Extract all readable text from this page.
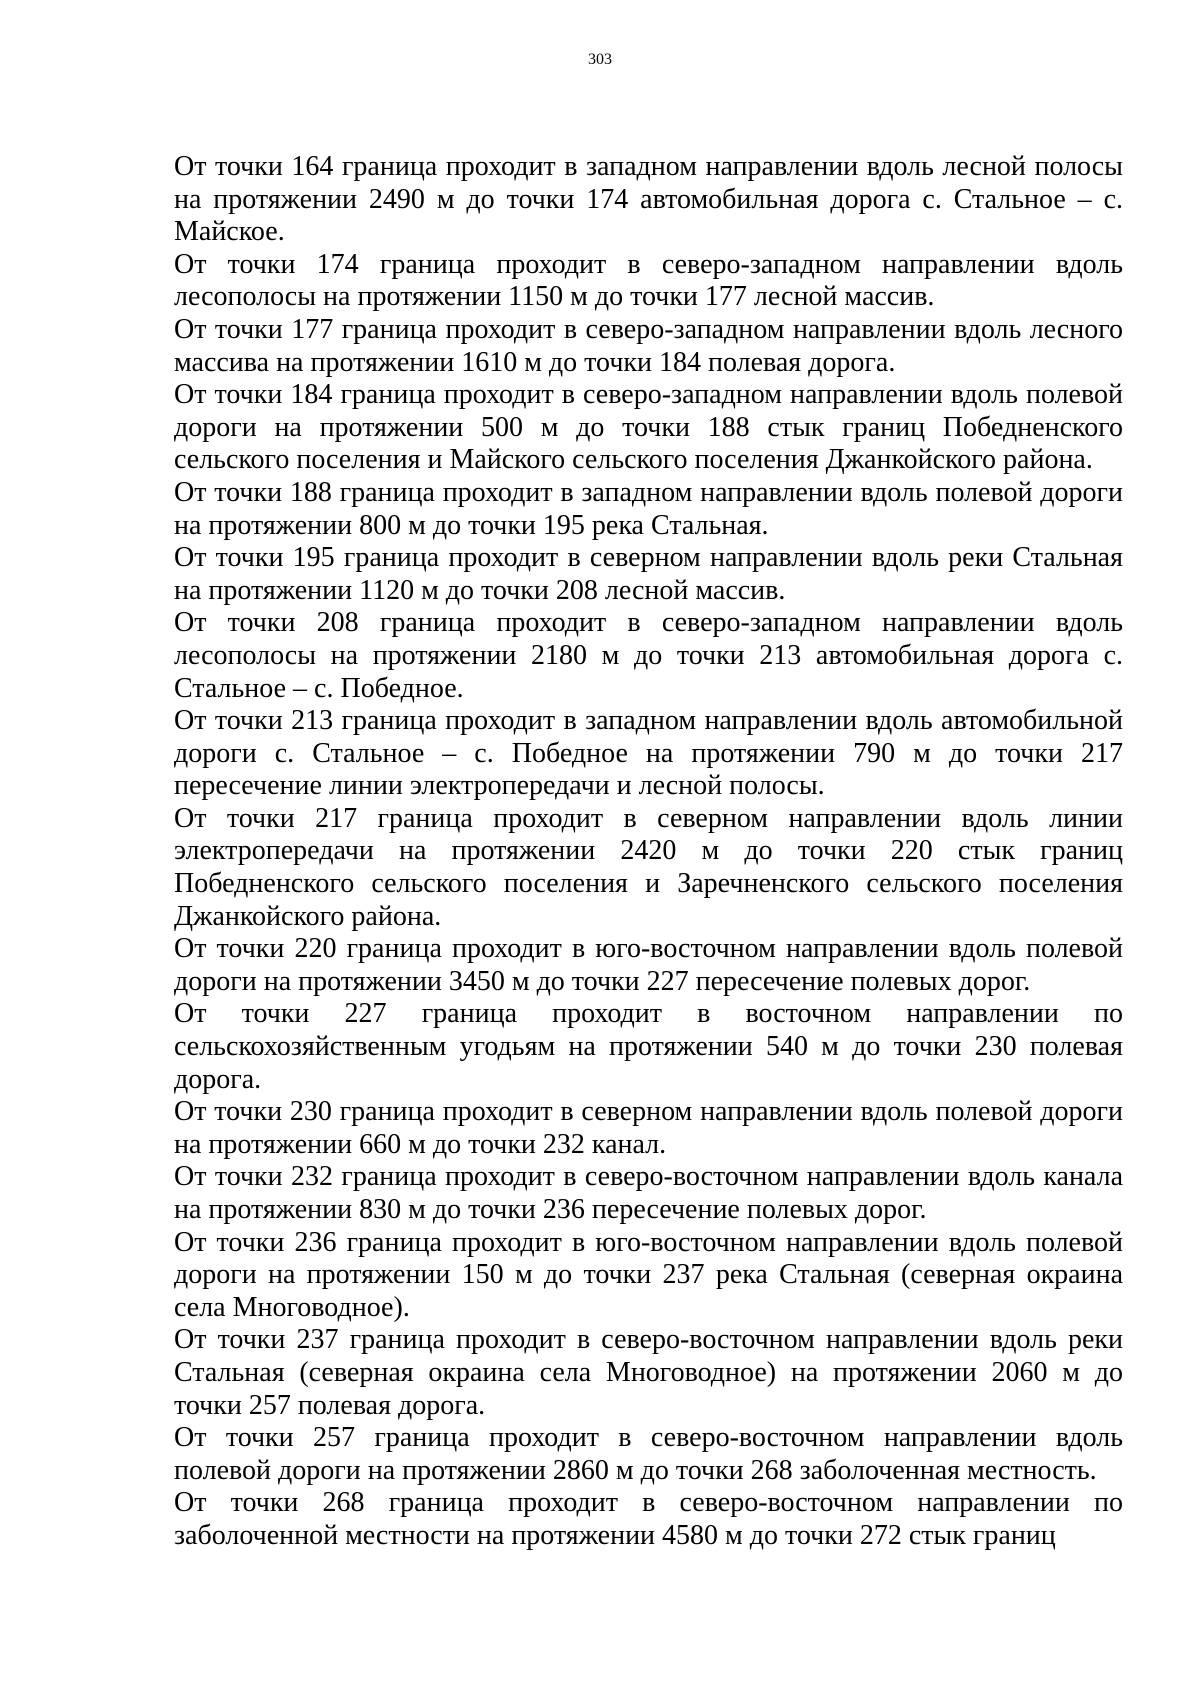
303

От точки 164 граница проходит в западном направлении вдоль лесной полосы на протяжении 2490 м до точки 174 автомобильная дорога с. Стальное – с. Майское.

От точки 174 граница проходит в северо-западном направлении вдоль лесополосы на протяжении 1150 м до точки 177 лесной массив.

От точки 177 граница проходит в северо-западном направлении вдоль лесного массива на протяжении 1610 м до точки 184 полевая дорога.

От точки 184 граница проходит в северо-западном направлении вдоль полевой дороги на протяжении 500 м до точки 188 стык границ Победненского сельского поселения и Майского сельского поселения Джанкойского района.

От точки 188 граница проходит в западном направлении вдоль полевой дороги на протяжении 800 м до точки 195 река Стальная.

От точки 195 граница проходит в северном направлении вдоль реки Стальная на протяжении 1120 м до точки 208 лесной массив.

От точки 208 граница проходит в северо-западном направлении вдоль лесополосы на протяжении 2180 м до точки 213 автомобильная дорога с. Стальное – с. Победное.

От точки 213 граница проходит в западном направлении вдоль автомобильной дороги с. Стальное – с. Победное на протяжении 790 м до точки 217 пересечение линии электропередачи и лесной полосы.

От точки 217 граница проходит в северном направлении вдоль линии электропередачи на протяжении 2420 м до точки 220 стык границ Победненского сельского поселения и Заречненского сельского поселения Джанкойского района.

От точки 220 граница проходит в юго-восточном направлении вдоль полевой дороги на протяжении 3450 м до точки 227 пересечение полевых дорог.

От точки 227 граница проходит в восточном направлении по сельскохозяйственным угодьям на протяжении 540 м до точки 230 полевая дорога.

От точки 230 граница проходит в северном направлении вдоль полевой дороги на протяжении 660 м до точки 232 канал.

От точки 232 граница проходит в северо-восточном направлении вдоль канала на протяжении 830 м до точки 236 пересечение полевых дорог.

От точки 236 граница проходит в юго-восточном направлении вдоль полевой дороги на протяжении 150 м до точки 237 река Стальная (северная окраина села Многоводное).

От точки 237 граница проходит в северо-восточном направлении вдоль реки Стальная (северная окраина села Многоводное) на протяжении 2060 м до точки 257 полевая дорога.

От точки 257 граница проходит в северо-восточном направлении вдоль полевой дороги на протяжении 2860 м до точки 268 заболоченная местность.

От точки 268 граница проходит в северо-восточном направлении по заболоченной местности на протяжении 4580 м до точки 272 стык границ
